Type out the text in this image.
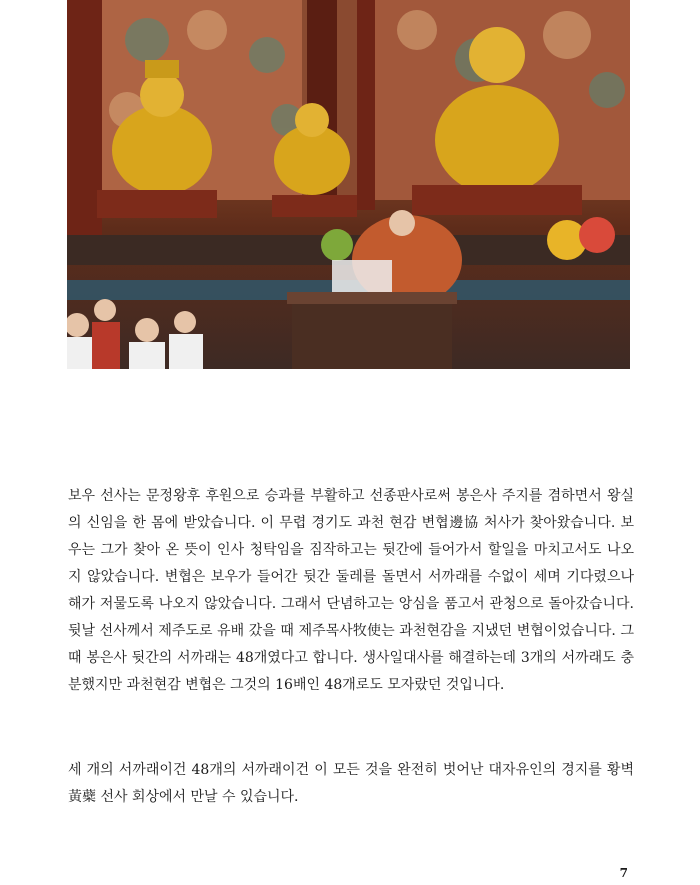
보우 선사는 문정왕후 후원으로 승과를 부활하고 선종판사로써 봉은사 주지를 겸하면서 왕실의 신임을 한 몸에 받았습니다. 이 무렵 경기도 과천 현감 변협邊協 처사가 찾아왔습니다. 보우는 그가 찾아 온 뜻이 인사 청탁임을 짐작하고는 뒷간에 들어가서 할일을 마치고서도 나오지 않았습니다. 변협은 보우가 들어간 뒷간 둘레를 돌면서 서까래를 수없이 세며 기다렸으나 해가 저물도록 나오지 않았습니다. 그래서 단념하고는 앙심을 품고서 관청으로 돌아갔습니다. 뒷날 선사께서 제주도로 유배 갔을 때 제주목사牧使는 과천현감을 지냈던 변협이었습니다. 그때 봉은사 뒷간의 서까래는 48개였다고 합니다. 생사일대사를 해결하는데 3개의 서까래도 충분했지만 과천현감 변협은 그것의 16배인 48개로도 모자랐던 것입니다.

세 개의 서까래이건 48개의 서까래이건 이 모든 것을 완전히 벗어난 대자유인의 경지를 황벽黃蘗 선사 회상에서 만날 수 있습니다.

7
